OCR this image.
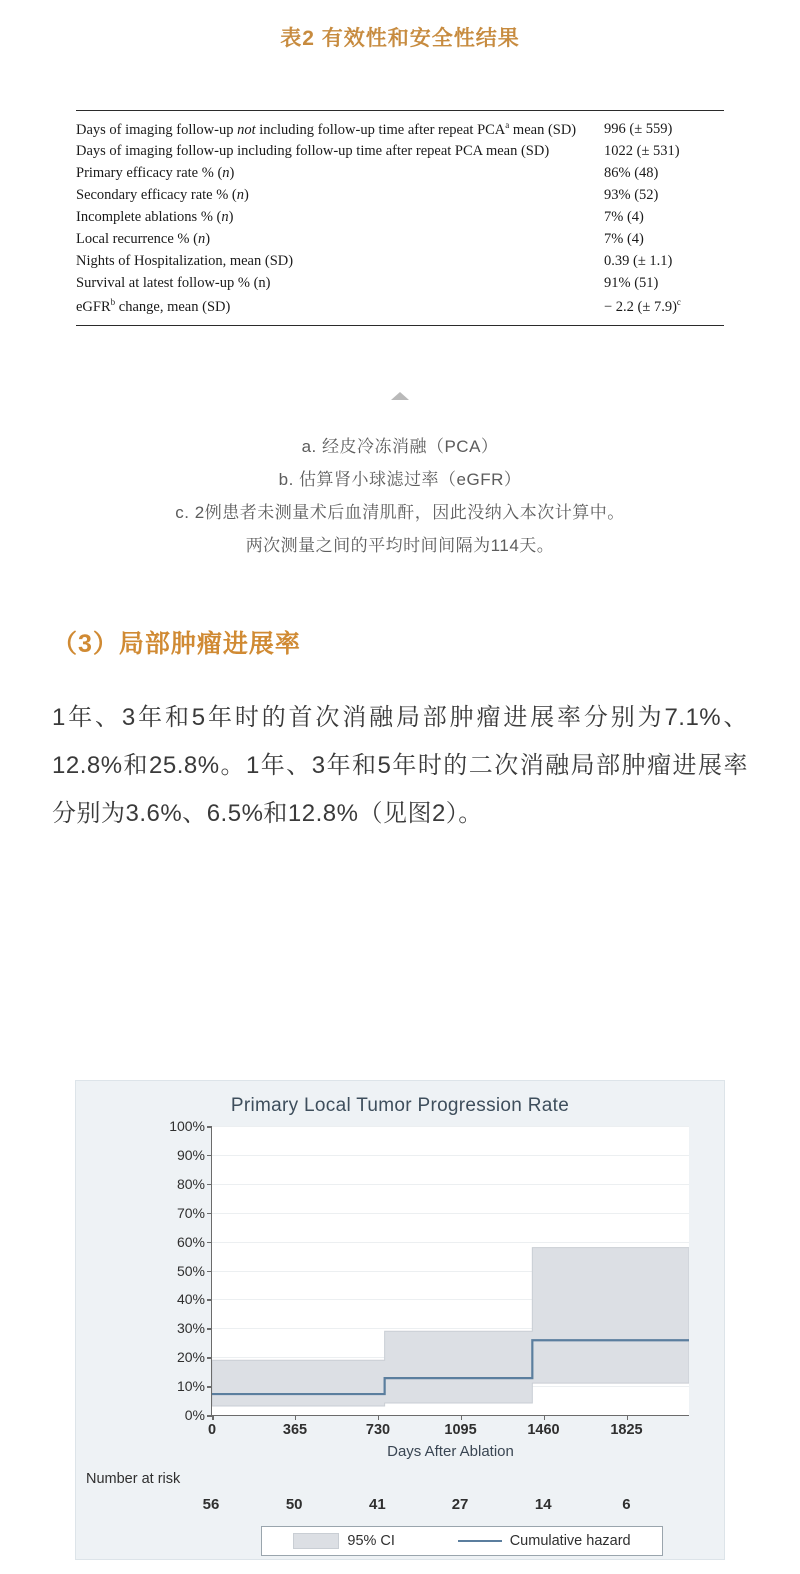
表2 有效性和安全性结果
Days of imaging follow-up not including follow-up time after repeat PCA$^a$ mean (SD)	996 (± 559)
Days of imaging follow-up including follow-up time after repeat PCA mean (SD)	1022 (± 531)
Primary efficacy rate % (n)	86% (48)
Secondary efficacy rate % (n)	93% (52)
Incomplete ablations % (n)	7% (4)
Local recurrence % (n)	7% (4)
Nights of Hospitalization, mean (SD)	0.39 (± 1.1)
Survival at latest follow-up % (n)	91% (51)
eGFR$^b$ change, mean (SD)	− 2.2 (± 7.9)$^c$
a. 经皮冷冻消融（PCA）
b. 估算肾小球滤过率（eGFR）
c. 2例患者未测量术后血清肌酐，因此没纳入本次计算中。
两次测量之间的平均时间间隔为114天。
（3）局部肿瘤进展率
1年、3年和5年时的首次消融局部肿瘤进展率分别为7.1%、12.8%和25.8%。1年、3年和5年时的二次消融局部肿瘤进展率分别为3.6%、6.5%和12.8%（见图2）。
Primary Local Tumor Progression Rate
100%
90%
80%
70%
60%
50%
40%
30%
20%
10%
0%
0	365	730	1095	1460	1825
Days After Ablation
Number at risk
56	50	41	27	14	6
95% CI	Cumulative hazard
